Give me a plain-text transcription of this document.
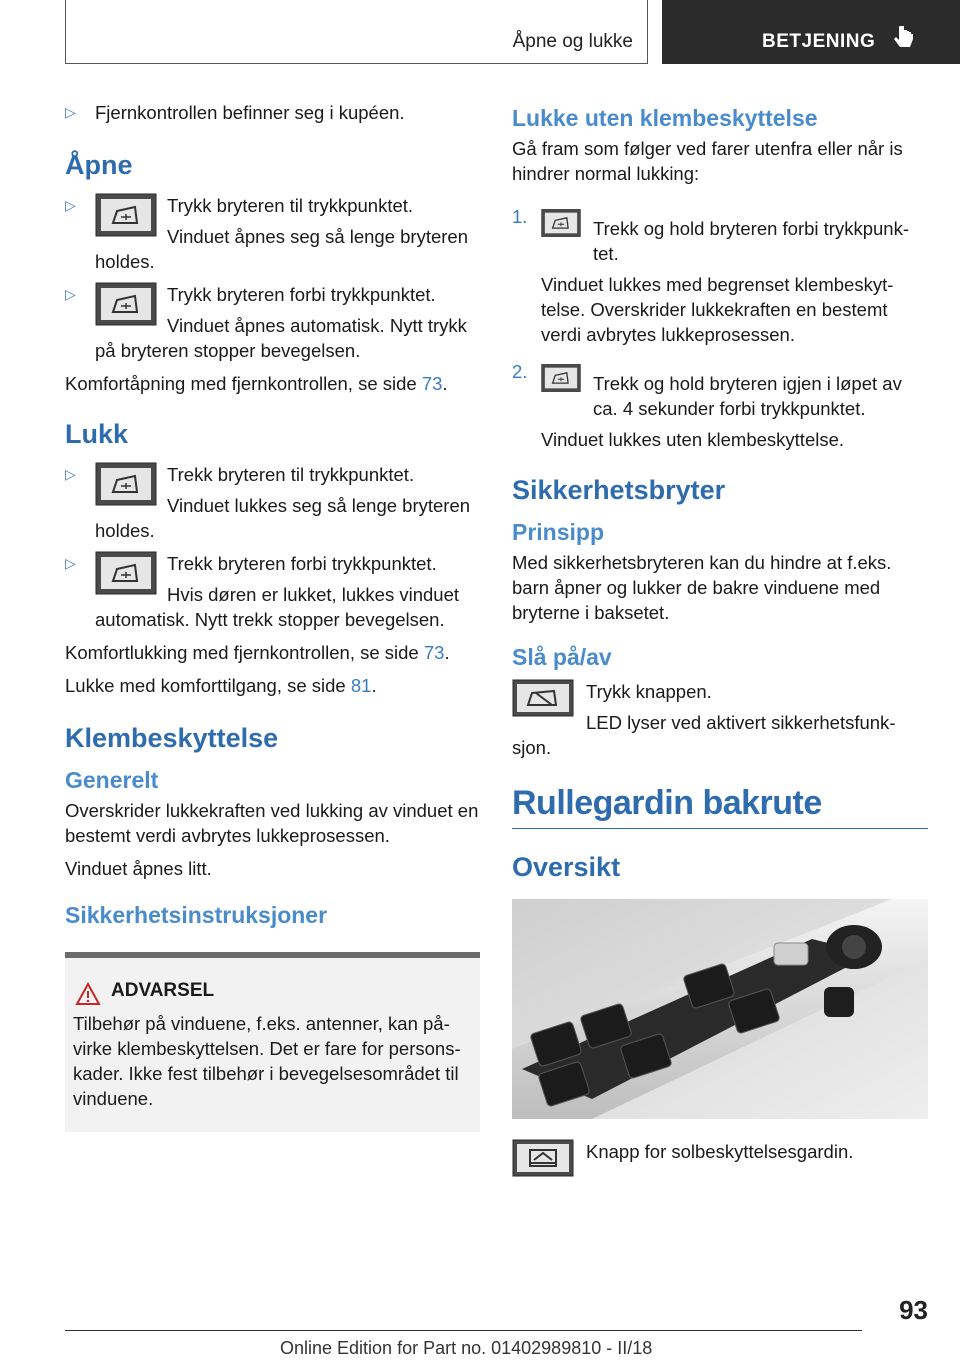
Åpne og lukke	BETJENING
▷ Fjernkontrollen befinner seg i kupéen.
Åpne
▷	Trykk bryteren til trykkpunktet.
Vinduet åpnes seg så lenge bryteren holdes.
▷	Trykk bryteren forbi trykkpunktet.
Vinduet åpnes automatisk. Nytt trykk på bryteren stopper bevegelsen.

Komfortåpning med fjernkontrollen, se side 73.

Lukk
▷	Trekk bryteren til trykkpunktet.
Vinduet lukkes seg så lenge bryteren holdes.
▷	Trekk bryteren forbi trykkpunktet.
Hvis døren er lukket, lukkes vinduet automatisk. Nytt trekk stopper bevegelsen.

Komfortlukking med fjernkontrollen, se side 73.

Lukke med komforttilgang, se side 81.

Klembeskyttelse
Generelt

Overskrider lukkekraften ved lukking av vinduet en bestemt verdi avbrytes lukkeprosessen.

Vinduet åpnes litt.

Sikkerhetsinstruksjoner
ADVARSEL
Tilbehør på vinduene, f.eks. antenner, kan påvirke klembeskyttelsen. Det er fare for personskader. Ikke fest tilbehør i bevegelsesområdet til vinduene.
Lukke uten klembeskyttelse

Gå fram som følger ved farer utenfra eller når is hindrer normal lukking:

1.
Trekk og hold bryteren forbi trykkpunktet.
Vinduet lukkes med begrenset klembeskyttelse. Overskrider lukkekraften en bestemt verdi avbrytes lukkeprosessen.
2.
Trekk og hold bryteren igjen i løpet av ca. 4 sekunder forbi trykkpunktet.
Vinduet lukkes uten klembeskyttelse.
Sikkerhetsbryter
Prinsipp

Med sikkerhetsbryteren kan du hindre at f.eks. barn åpner og lukker de bakre vinduene med bryterne i baksetet.

Slå på/av
Trykk knappen.
LED lyser ved aktivert sikkerhetsfunksjon.
Rullegardin bakrute
Oversikt
Knapp for solbeskyttelsesgardin.
93
Online Edition for Part no. 01402989810 - II/18
